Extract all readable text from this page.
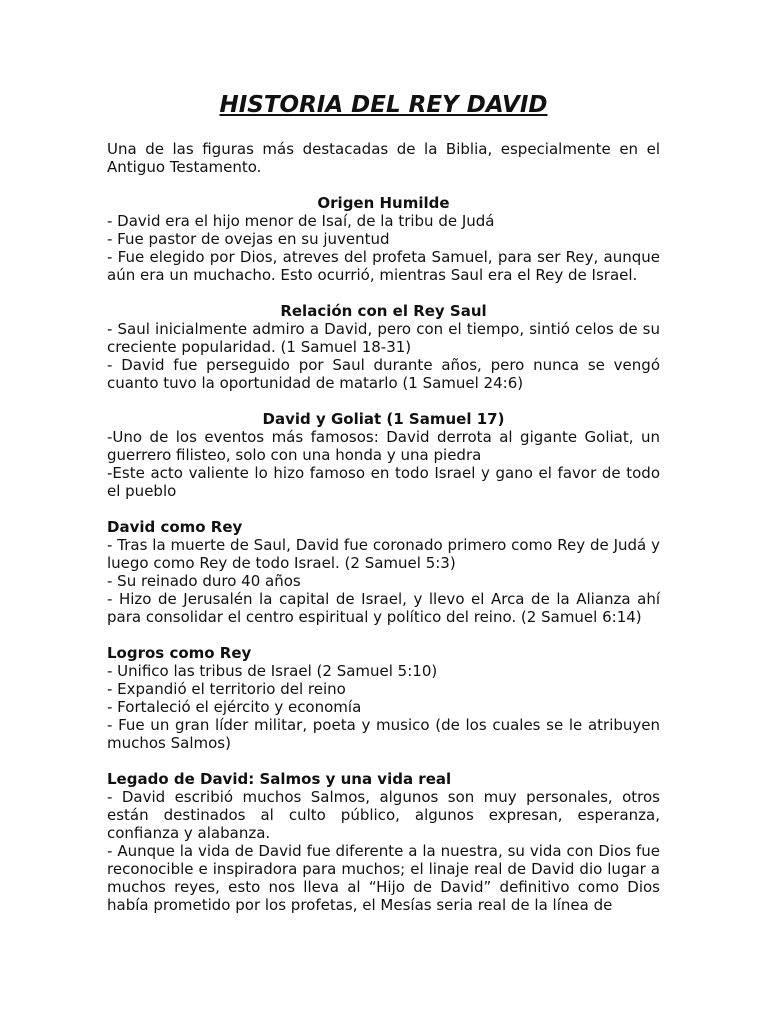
HISTORIA DEL REY DAVID

Una de las figuras más destacadas de la Biblia, especialmente en el Antiguo Testamento.

Origen Humilde

- David era el hijo menor de Isaí, de la tribu de Judá

- Fue pastor de ovejas en su juventud

- Fue elegido por Dios, atreves del profeta Samuel, para ser Rey, aunque aún era un muchacho. Esto ocurrió, mientras Saul era el Rey de Israel.

Relación con el Rey Saul

- Saul inicialmente admiro a David, pero con el tiempo, sintió celos de su creciente popularidad. (1 Samuel 18-31)

- David fue perseguido por Saul durante años, pero nunca se vengó cuanto tuvo la oportunidad de matarlo (1 Samuel 24:6)

David y Goliat (1 Samuel 17)

-Uno de los eventos más famosos: David derrota al gigante Goliat, un guerrero filisteo, solo con una honda y una piedra

-Este acto valiente lo hizo famoso en todo Israel y gano el favor de todo el pueblo

David como Rey

- Tras la muerte de Saul, David fue coronado primero como Rey de Judá y luego como Rey de todo Israel. (2 Samuel 5:3)

- Su reinado duro 40 años

- Hizo de Jerusalén la capital de Israel, y llevo el Arca de la Alianza ahí para consolidar el centro espiritual y político del reino. (2 Samuel 6:14)

Logros como Rey

- Unifico las tribus de Israel (2 Samuel 5:10)

- Expandió el territorio del reino

- Fortaleció el ejército y economía

- Fue un gran líder militar, poeta y musico (de los cuales se le atribuyen muchos Salmos)

Legado de David: Salmos y una vida real

- David escribió muchos Salmos, algunos son muy personales, otros están destinados al culto público, algunos expresan, esperanza, confianza y alabanza.

- Aunque la vida de David fue diferente a la nuestra, su vida con Dios fue reconocible e inspiradora para muchos; el linaje real de David dio lugar a muchos reyes, esto nos lleva al “Hijo de David” definitivo como Dios había prometido por los profetas, el Mesías seria real de la línea de
